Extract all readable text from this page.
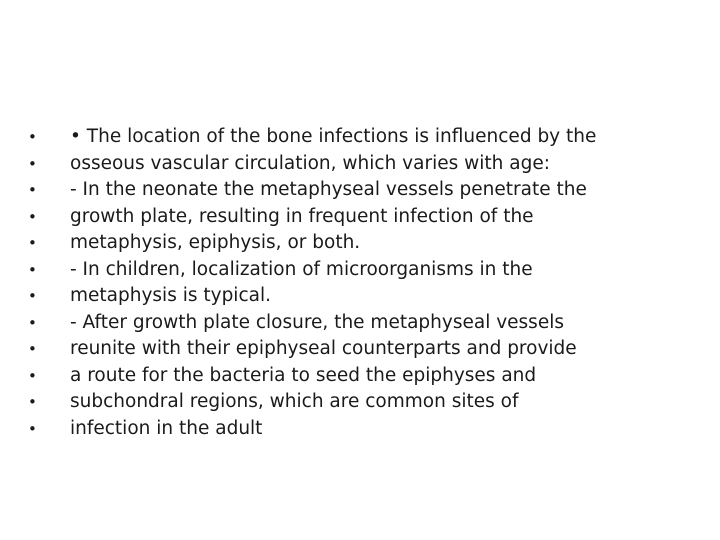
•	• The location of the bone infections is influenced by the
•	osseous vascular circulation, which varies with age:
•	- In the neonate the metaphyseal vessels penetrate the
•	growth plate, resulting in frequent infection of the
•	metaphysis, epiphysis, or both.
•	- In children, localization of microorganisms in the
•	metaphysis is typical.
•	- After growth plate closure, the metaphyseal vessels
•	reunite with their epiphyseal counterparts and provide
•	a route for the bacteria to seed the epiphyses and
•	subchondral regions, which are common sites of
•	infection in the adult
